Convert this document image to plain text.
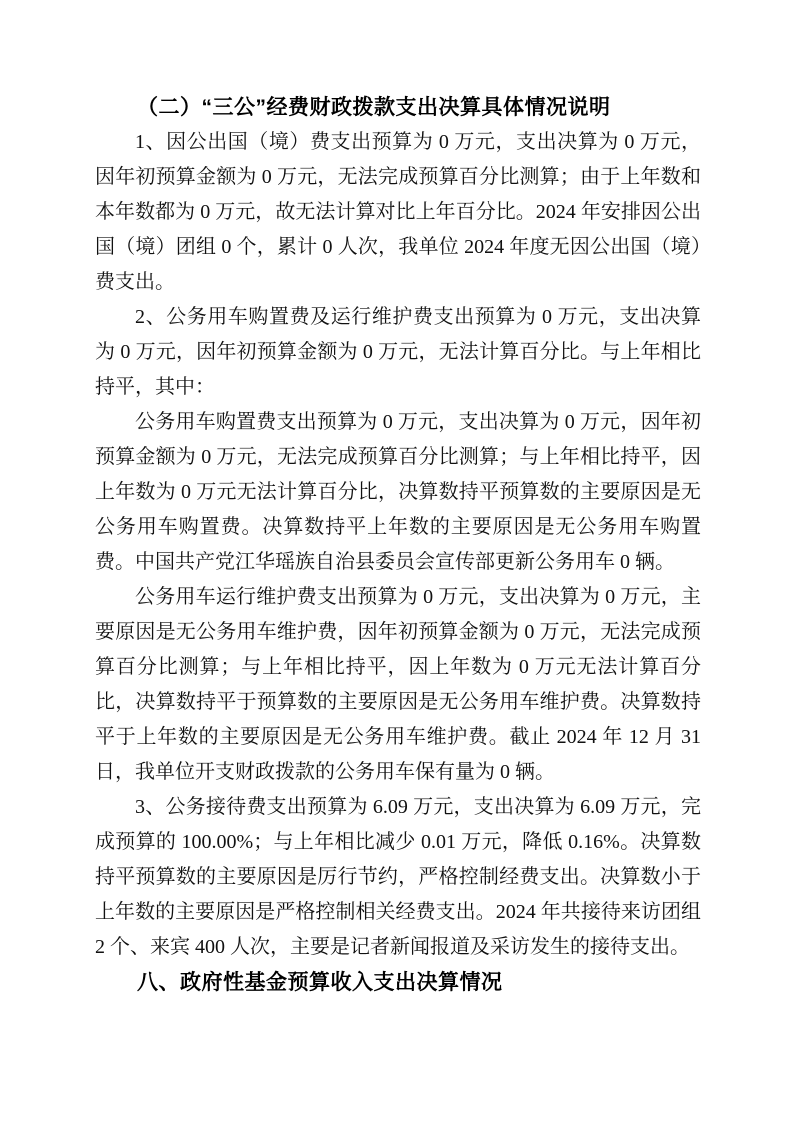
（二）“三公”经费财政拨款支出决算具体情况说明

1、因公出国（境）费支出预算为 0 万元，支出决算为 0 万元，因年初预算金额为 0 万元，无法完成预算百分比测算；由于上年数和本年数都为 0 万元，故无法计算对比上年百分比。2024 年安排因公出国（境）团组 0 个，累计 0 人次，我单位 2024 年度无因公出国（境）费支出。

2、公务用车购置费及运行维护费支出预算为 0 万元，支出决算为 0 万元，因年初预算金额为 0 万元，无法计算百分比。与上年相比持平，其中：

公务用车购置费支出预算为 0 万元，支出决算为 0 万元，因年初预算金额为 0 万元，无法完成预算百分比测算；与上年相比持平，因上年数为 0 万元无法计算百分比，决算数持平预算数的主要原因是无公务用车购置费。决算数持平上年数的主要原因是无公务用车购置费。中国共产党江华瑶族自治县委员会宣传部更新公务用车 0 辆。

公务用车运行维护费支出预算为 0 万元，支出决算为 0 万元，主要原因是无公务用车维护费，因年初预算金额为 0 万元，无法完成预算百分比测算；与上年相比持平，因上年数为 0 万元无法计算百分比，决算数持平于预算数的主要原因是无公务用车维护费。决算数持平于上年数的主要原因是无公务用车维护费。截止 2024 年 12 月 31 日，我单位开支财政拨款的公务用车保有量为 0 辆。

3、公务接待费支出预算为 6.09 万元，支出决算为 6.09 万元，完成预算的 100.00%；与上年相比减少 0.01 万元，降低 0.16%。决算数持平预算数的主要原因是厉行节约，严格控制经费支出。决算数小于上年数的主要原因是严格控制相关经费支出。2024 年共接待来访团组 2 个、来宾 400 人次，主要是记者新闻报道及采访发生的接待支出。

八、政府性基金预算收入支出决算情况
